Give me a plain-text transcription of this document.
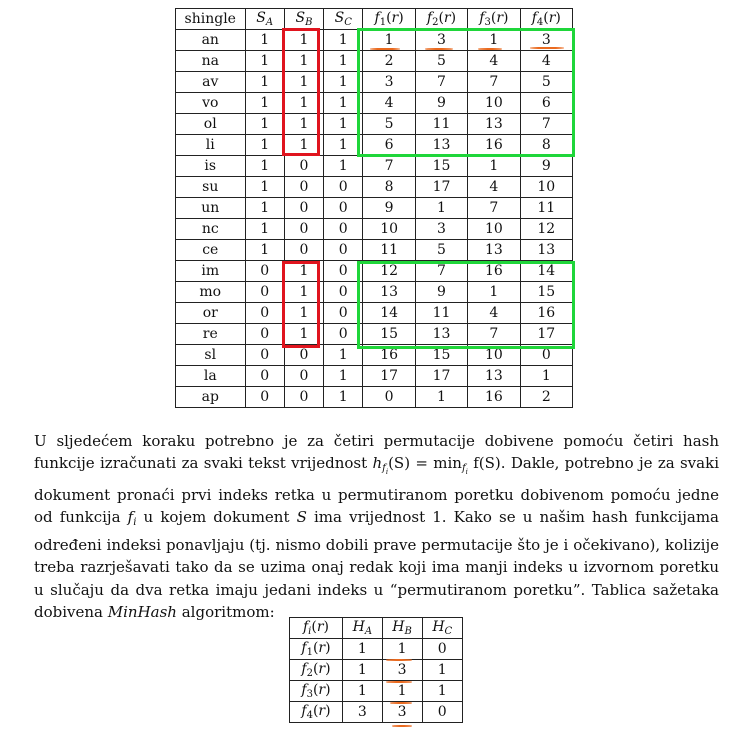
shingle	$S_A$	$S_B$	$S_C$	$f_1(r)$	$f_2(r)$	$f_3(r)$	$f_4(r)$
an	1	1	1	1	3	1	3
na	1	1	1	2	5	4	4
av	1	1	1	3	7	7	5
vo	1	1	1	4	9	10	6
ol	1	1	1	5	11	13	7
li	1	1	1	6	13	16	8
is	1	0	1	7	15	1	9
su	1	0	0	8	17	4	10
un	1	0	0	9	1	7	11
nc	1	0	0	10	3	10	12
ce	1	0	0	11	5	13	13
im	0	1	0	12	7	16	14
mo	0	1	0	13	9	1	15
or	0	1	0	14	11	4	16
re	0	1	0	15	13	7	17
sl	0	0	1	16	15	10	0
la	0	0	1	17	17	13	1
ap	0	0	1	0	1	16	2
U sljedećem koraku potrebno je za četiri permutacije dobivene pomoću četiri hash funkcije izračunati za svaki tekst vrijednost $h_{f_i}(S) = \min_{f_i} f(S)$. Dakle, potrebno je za svaki dokument pronaći prvi indeks retka u permutiranom poretku dobivenom pomoću jedne od funkcija $f_i$ u kojem dokument S ima vrijednost 1. Kako se u našim hash funkcijama određeni indeksi ponavljaju (tj. nismo dobili prave permutacije što je i očekivano), kolizije treba razrješavati tako da se uzima onaj redak koji ima manji indeks u izvornom poretku u slučaju da dva retka imaju jedani indeks u “permutiranom poretku”. Tablica sažetaka dobivena MinHash algoritmom:
$f_i(r)$	$H_A$	$H_B$	$H_C$
$f_1(r)$	1	1	0
$f_2(r)$	1	3	1
$f_3(r)$	1	1	1
$f_4(r)$	3	3	0
